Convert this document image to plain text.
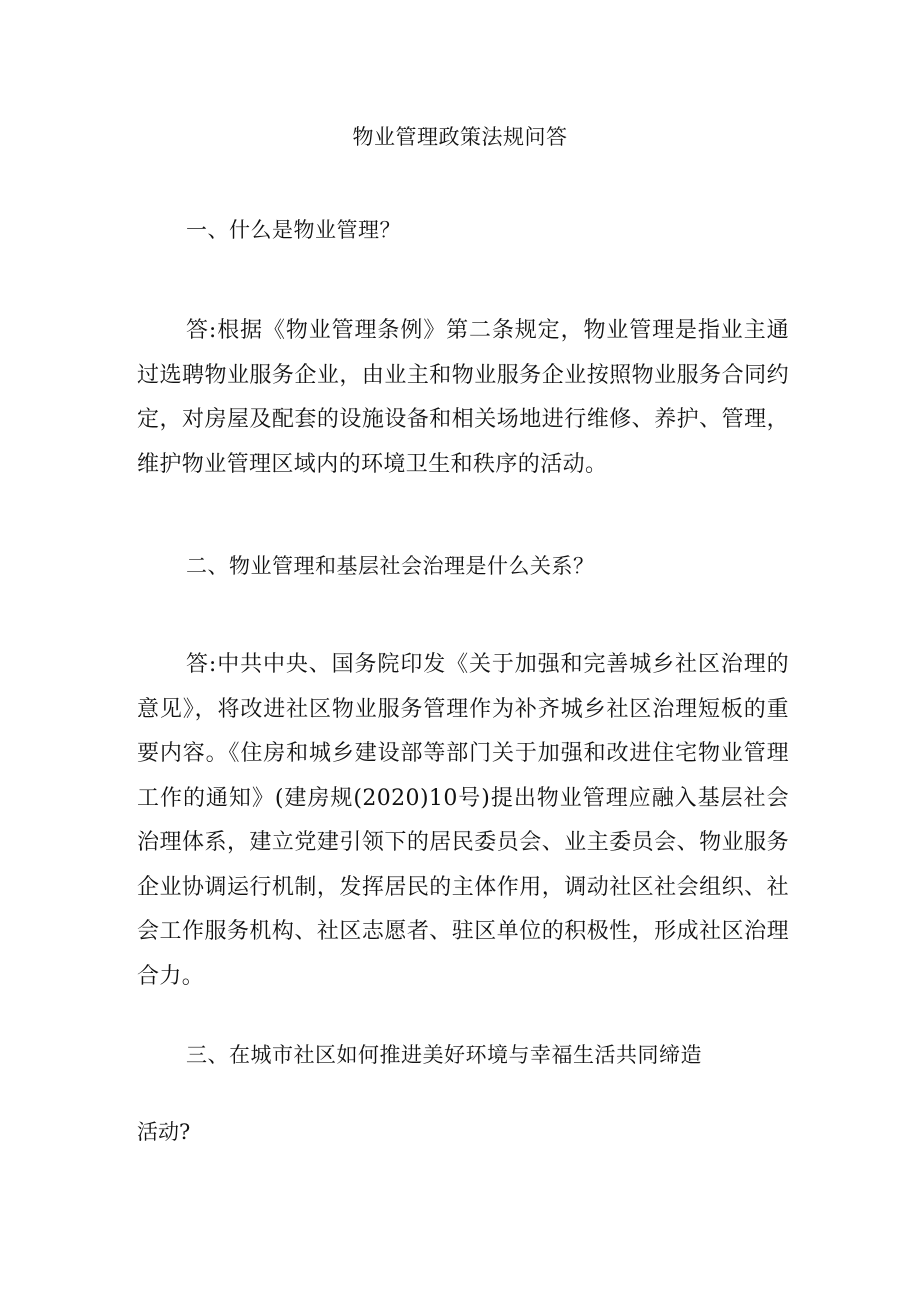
物业管理政策法规问答
一、什么是物业管理？
答:根据《物业管理条例》第二条规定，物业管理是指业主通过选聘物业服务企业，由业主和物业服务企业按照物业服务合同约定，对房屋及配套的设施设备和相关场地进行维修、养护、管理，维护物业管理区域内的环境卫生和秩序的活动。
二、物业管理和基层社会治理是什么关系？
答:中共中央、国务院印发《关于加强和完善城乡社区治理的意见》，将改进社区物业服务管理作为补齐城乡社区治理短板的重要内容。《住房和城乡建设部等部门关于加强和改进住宅物业管理工作的通知》(建房规(2020)10号)提出物业管理应融入基层社会治理体系，建立党建引领下的居民委员会、业主委员会、物业服务企业协调运行机制，发挥居民的主体作用，调动社区社会组织、社会工作服务机构、社区志愿者、驻区单位的积极性，形成社区治理合力。
三、在城市社区如何推进美好环境与幸福生活共同缔造
活动?
